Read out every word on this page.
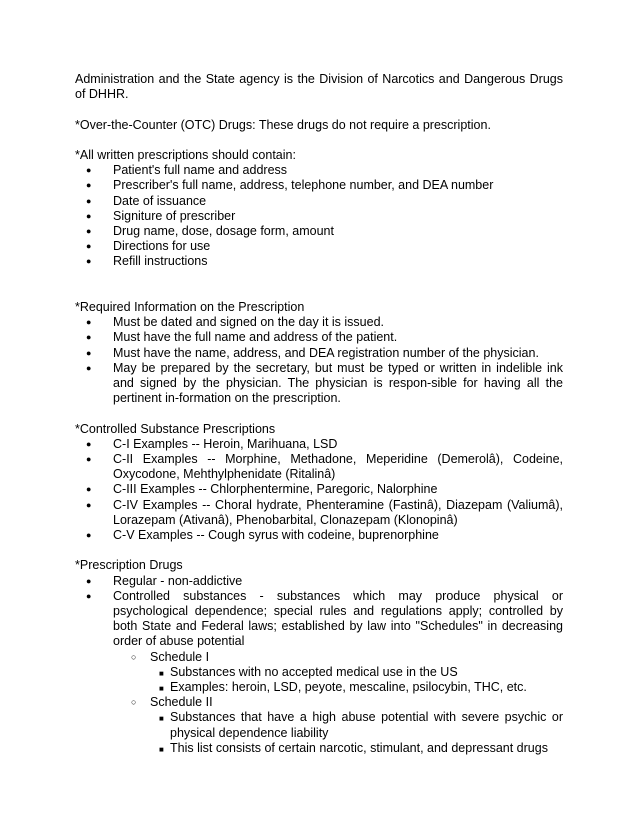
Administration and the State agency is the Division of Narcotics and Dangerous Drugs of DHHR.

*Over-the-Counter (OTC) Drugs: These drugs do not require a prescription.

*All written prescriptions should contain:

● Patient's full name and address
● Prescriber's full name, address, telephone number, and DEA number
● Date of issuance
● Signiture of prescriber
● Drug name, dose, dosage form, amount
● Directions for use
● Refill instructions

*Required Information on the Prescription

● Must be dated and signed on the day it is issued.
● Must have the full name and address of the patient.
● Must have the name, address, and DEA registration number of the physician.
● May be prepared by the secretary, but must be typed or written in indelible ink and signed by the physician. The physician is respon-sible for having all the pertinent in-formation on the prescription.

*Controlled Substance Prescriptions

● C-I Examples -- Heroin, Marihuana, LSD
● C-II Examples -- Morphine, Methadone, Meperidine (Demerolâ), Codeine, Oxycodone, Mehthylphenidate (Ritalinâ)
● C-III Examples -- Chlorphentermine, Paregoric, Nalorphine
● C-IV Examples -- Choral hydrate, Phenteramine (Fastinâ), Diazepam (Valiumâ), Lorazepam (Ativanâ), Phenobarbital, Clonazepam (Klonopinâ)
● C-V Examples -- Cough syrus with codeine, buprenorphine

*Prescription Drugs

● Regular - non-addictive
● Controlled substances - substances which may produce physical or psychological dependence; special rules and regulations apply; controlled by both State and Federal laws; established by law into "Schedules" in decreasing order of abuse potential
○ Schedule I
■ Substances with no accepted medical use in the US
■ Examples: heroin, LSD, peyote, mescaline, psilocybin, THC, etc.
○ Schedule II
■ Substances that have a high abuse potential with severe psychic or physical dependence liability
■ This list consists of certain narcotic, stimulant, and depressant drugs
